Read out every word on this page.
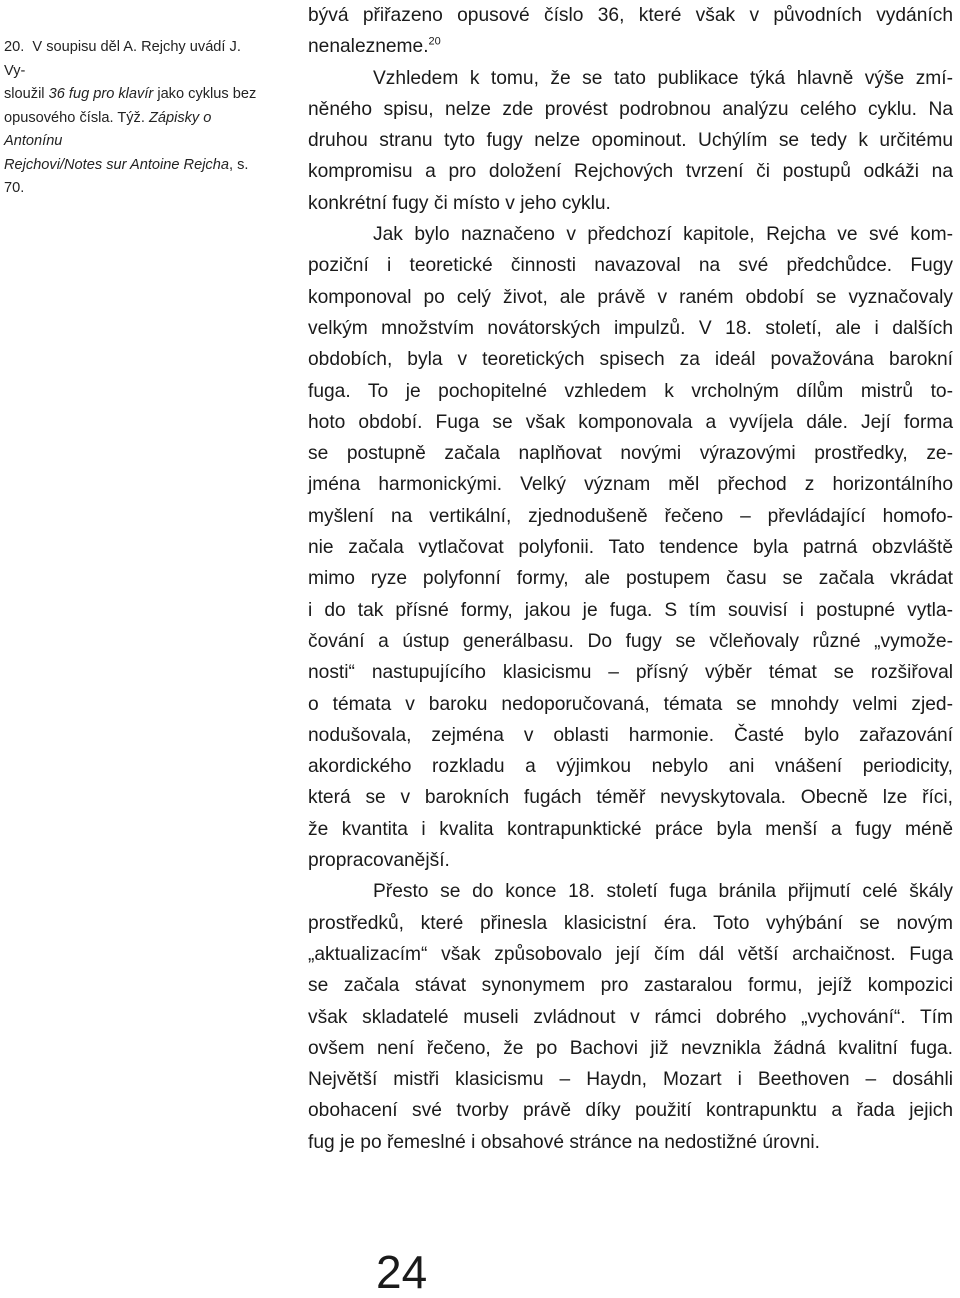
20. V soupisu děl A. Rejchy uvádí J. Vy-

sloužil 36 fug pro klavír jako cyklus bez

opusového čísla. Týž. Zápisky o Antonínu

Rejchovi/Notes sur Antoine Rejcha, s. 70.

bývá přiřazeno opusové číslo 36, které však v původních vydáních
nenalezneme.$^{20}$
Vzhledem k tomu, že se tato publikace týká hlavně výše zmí-
něného spisu, nelze zde provést podrobnou analýzu celého cyklu. Na
druhou stranu tyto fugy nelze opominout. Uchýlím se tedy k určitému
kompromisu a pro doložení Rejchových tvrzení či postupů odkáži na
konkrétní fugy či místo v jeho cyklu.
Jak bylo naznačeno v předchozí kapitole, Rejcha ve své kom-
poziční i teoretické činnosti navazoval na své předchůdce. Fugy
komponoval po celý život, ale právě v raném období se vyznačovaly
velkým množstvím novátorských impulzů. V 18. století, ale i dalších
obdobích, byla v teoretických spisech za ideál považována barokní
fuga. To je pochopitelné vzhledem k vrcholným dílům mistrů to-
hoto období. Fuga se však komponovala a vyvíjela dále. Její forma
se postupně začala naplňovat novými výrazovými prostředky, ze-
jména harmonickými. Velký význam měl přechod z horizontálního
myšlení na vertikální, zjednodušeně řečeno – převládající homofo-
nie začala vytlačovat polyfonii. Tato tendence byla patrná obzvláště
mimo ryze polyfonní formy, ale postupem času se začala vkrádat
i do tak přísné formy, jakou je fuga. S tím souvisí i postupné vytla-
čování a ústup generálbasu. Do fugy se včleňovaly různé „vymože-
nosti“ nastupujícího klasicismu – přísný výběr témat se rozšiřoval
o témata v baroku nedoporučovaná, témata se mnohdy velmi zjed-
nodušovala, zejména v oblasti harmonie. Časté bylo zařazování
akordického rozkladu a výjimkou nebylo ani vnášení periodicity,
která se v barokních fugách téměř nevyskytovala. Obecně lze říci,
že kvantita i kvalita kontrapunktické práce byla menší a fugy méně
propracovanější.
Přesto se do konce 18. století fuga bránila přijmutí celé škály
prostředků, které přinesla klasicistní éra. Toto vyhýbání se novým
„aktualizacím“ však způsobovalo její čím dál větší archaičnost. Fuga
se začala stávat synonymem pro zastaralou formu, jejíž kompozici
však skladatelé museli zvládnout v rámci dobrého „vychování“. Tím
ovšem není řečeno, že po Bachovi již nevznikla žádná kvalitní fuga.
Největší mistři klasicismu – Haydn, Mozart i Beethoven – dosáhli
obohacení své tvorby právě díky použití kontrapunktu a řada jejich
fug je po řemeslné i obsahové stránce na nedostižné úrovni.
24
